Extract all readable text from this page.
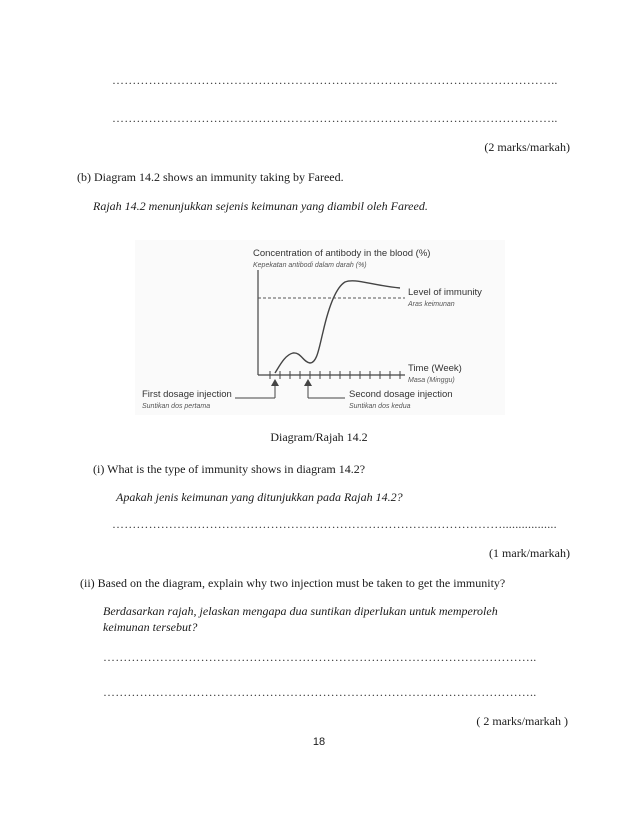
………………………………………………………………………………………………..
………………………………………………………………………………………………..
(2 marks/markah)
(b) Diagram 14.2 shows an immunity taking by Fareed.
Rajah 14.2 menunjukkan sejenis keimunan yang diambil oleh Fareed.
Concentration of antibody in the blood (%)
Kepekatan antibodi dalam darah (%)
Level of immunity
Aras keimunan
Time (Week)
Masa (Minggu)
First dosage injection
Suntikan dos pertama
Second dosage injection
Suntikan dos kedua
Diagram/Rajah 14.2
(i) What is the type of immunity shows in diagram 14.2?
Apakah jenis keimunan yang ditunjukkan pada Rajah 14.2?
…………………………………………………………………………………….................
(1 mark/markah)
(ii) Based on the diagram, explain why two injection must be taken to get the immunity?
Berdasarkan rajah, jelaskan mengapa dua suntikan diperlukan untuk memperoleh
keimunan tersebut?
……………………………………………………………………………………………..
……………………………………………………………………………………………..
( 2 marks/markah )
18
